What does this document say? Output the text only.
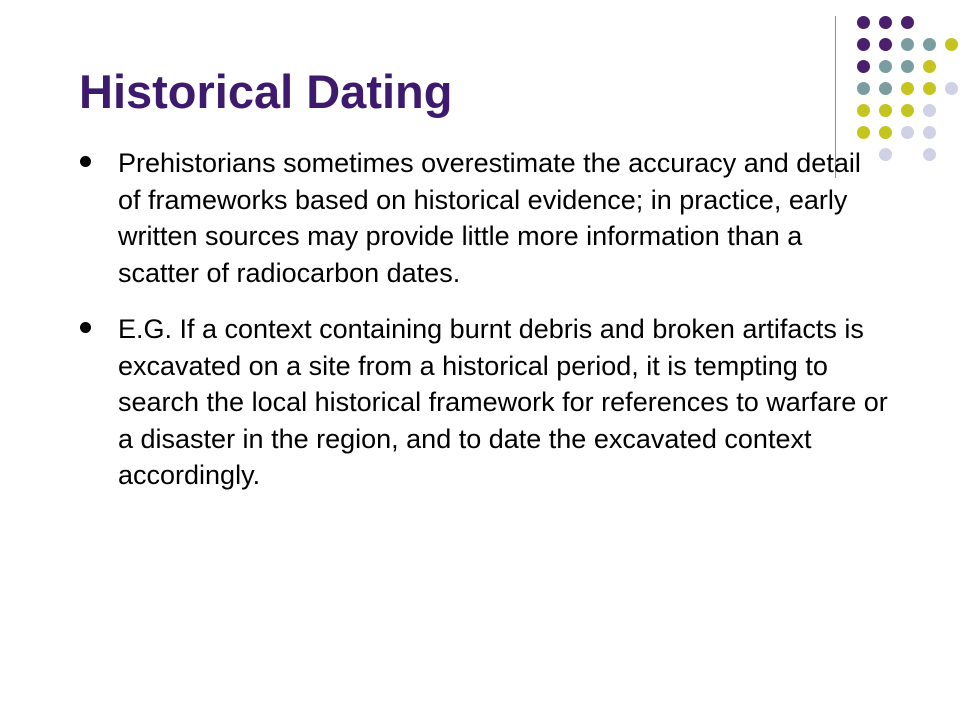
Historical Dating
Prehistorians sometimes overestimate the accuracy and detail of frameworks based on historical evidence; in practice, early written sources may provide little more information than a scatter of radiocarbon dates.
E.G. If a context containing burnt debris and broken artifacts is excavated on a site from a historical period, it is tempting to search the local historical framework for references to warfare or a disaster in the region, and to date the excavated context accordingly.
